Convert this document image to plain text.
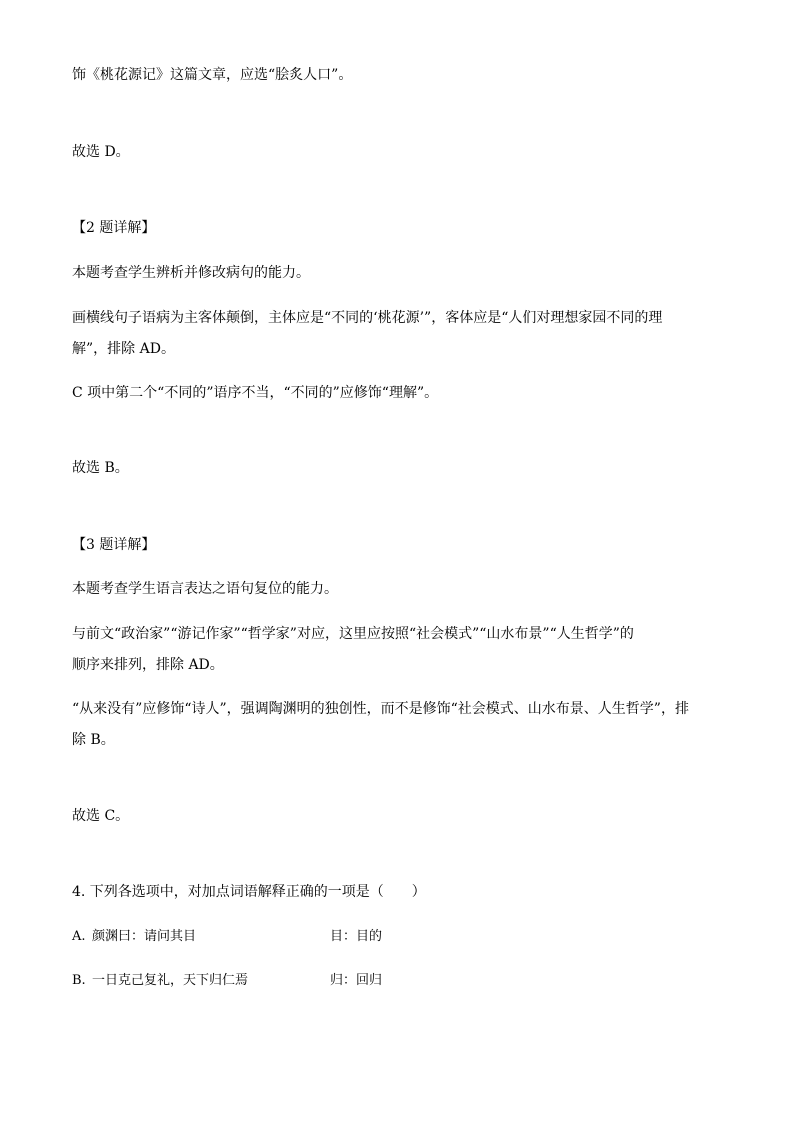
饰《桃花源记》这篇文章，应选“脍炙人口”。
故选 D。
【2 题详解】
本题考查学生辨析并修改病句的能力。
画横线句子语病为主客体颠倒，主体应是“不同的‘桃花源’”，客体应是“人们对理想家园不同的理
解”，排除 AD。
C 项中第二个“不同的”语序不当，“不同的”应修饰“理解”。
故选 B。
【3 题详解】
本题考查学生语言表达之语句复位的能力。
与前文“政治家”“游记作家”“哲学家”对应，这里应按照“社会模式”“山水布景”“人生哲学”的
顺序来排列，排除 AD。
“从来没有”应修饰“诗人”，强调陶渊明的独创性，而不是修饰“社会模式、山水布景、人生哲学”，排
除 B。
故选 C。
4. 下列各选项中，对加点词语解释正确的一项是（　　）
A. 颜渊曰：请问其目	目：目的
B. 一日克己复礼，天下归仁焉	归：回归
